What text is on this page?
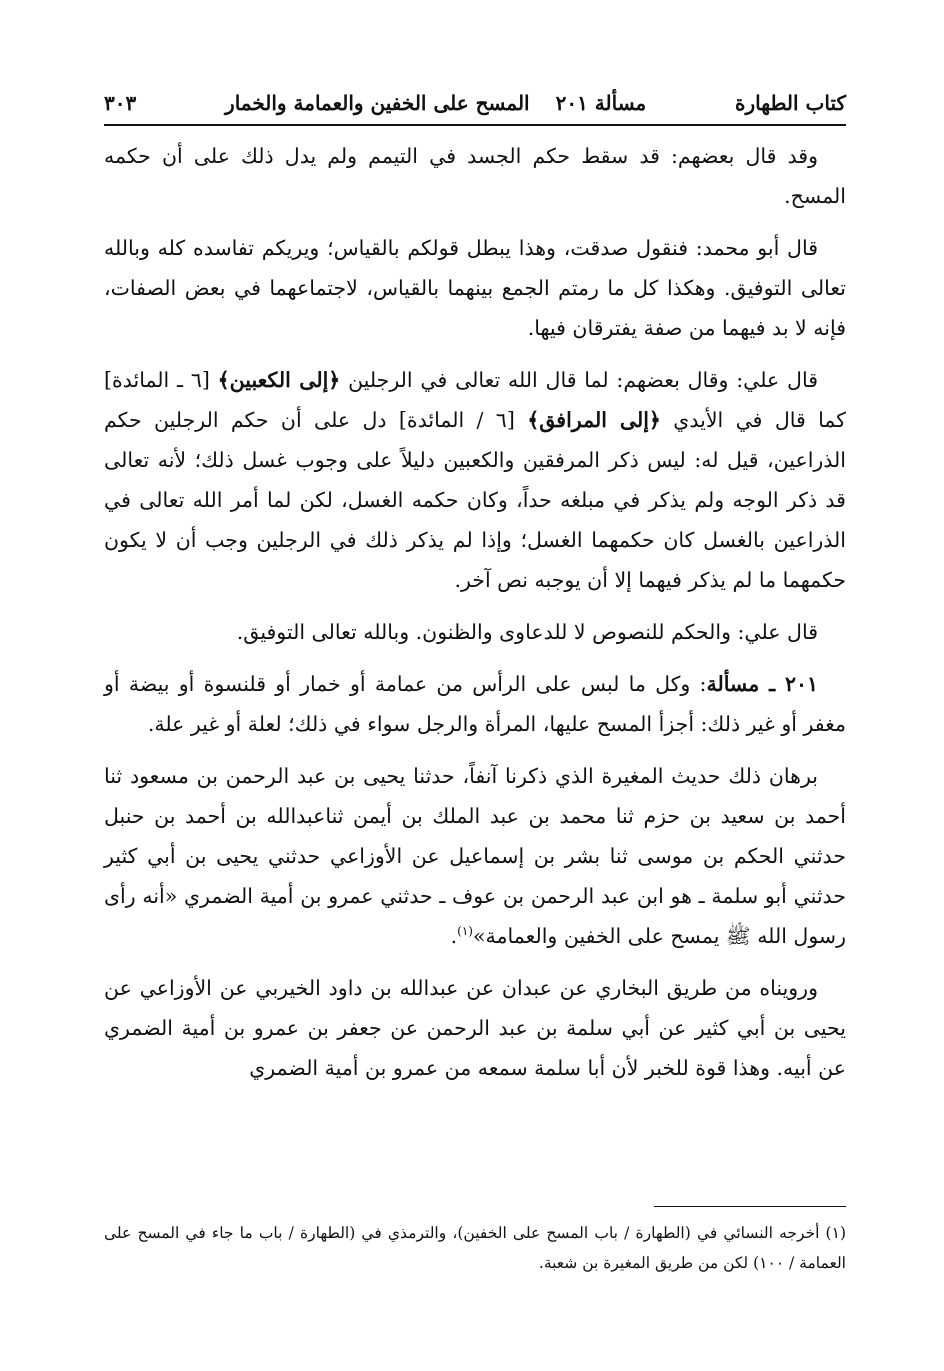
كتاب الطهارة
مسألة ٢٠١
المسح على الخفين والعمامة والخمار
٣٠٣

وقد قال بعضهم: قد سقط حكم الجسد في التيمم ولم يدل ذلك على أن حكمه المسح.

قال أبو محمد: فنقول صدقت، وهذا يبطل قولكم بالقياس؛ ويريكم تفاسده كله وبالله تعالى التوفيق. وهكذا كل ما رمتم الجمع بينهما بالقياس، لاجتماعهما في بعض الصفات، فإنه لا بد فيهما من صفة يفترقان فيها.

قال علي: وقال بعضهم: لما قال الله تعالى في الرجلين ﴿إلى الكعبين﴾ [٦ ـ المائدة] كما قال في الأيدي ﴿إلى المرافق﴾ [٦ / المائدة] دل على أن حكم الرجلين حكم الذراعين، قيل له: ليس ذكر المرفقين والكعبين دليلاً على وجوب غسل ذلك؛ لأنه تعالى قد ذكر الوجه ولم يذكر في مبلغه حداً، وكان حكمه الغسل، لكن لما أمر الله تعالى في الذراعين بالغسل كان حكمهما الغسل؛ وإذا لم يذكر ذلك في الرجلين وجب أن لا يكون حكمهما ما لم يذكر فيهما إلا أن يوجبه نص آخر.

قال علي: والحكم للنصوص لا للدعاوى والظنون. وبالله تعالى التوفيق.

٢٠١ ـ مسألة: وكل ما لبس على الرأس من عمامة أو خمار أو قلنسوة أو بيضة أو مغفر أو غير ذلك: أجزأ المسح عليها، المرأة والرجل سواء في ذلك؛ لعلة أو غير علة.

برهان ذلك حديث المغيرة الذي ذكرنا آنفاً، حدثنا يحيى بن عبد الرحمن بن مسعود ثنا أحمد بن سعيد بن حزم ثنا محمد بن عبد الملك بن أيمن ثناعبدالله بن أحمد بن حنبل حدثني الحكم بن موسى ثنا بشر بن إسماعيل عن الأوزاعي حدثني يحيى بن أبي كثير حدثني أبو سلمة ـ هو ابن عبد الرحمن بن عوف ـ حدثني عمرو بن أمية الضمري «أنه رأى رسول الله ﷺ يمسح على الخفين والعمامة»$^{(١)}$.

ورويناه من طريق البخاري عن عبدان عن عبدالله بن داود الخيربي عن الأوزاعي عن يحيى بن أبي كثير عن أبي سلمة بن عبد الرحمن عن جعفر بن عمرو بن أمية الضمري عن أبيه. وهذا قوة للخبر لأن أبا سلمة سمعه من عمرو بن أمية الضمري

(١) أخرجه النسائي في (الطهارة / باب المسح على الخفين)، والترمذي في (الطهارة / باب ما جاء في المسح على العمامة / ١٠٠) لكن من طريق المغيرة بن شعبة.
